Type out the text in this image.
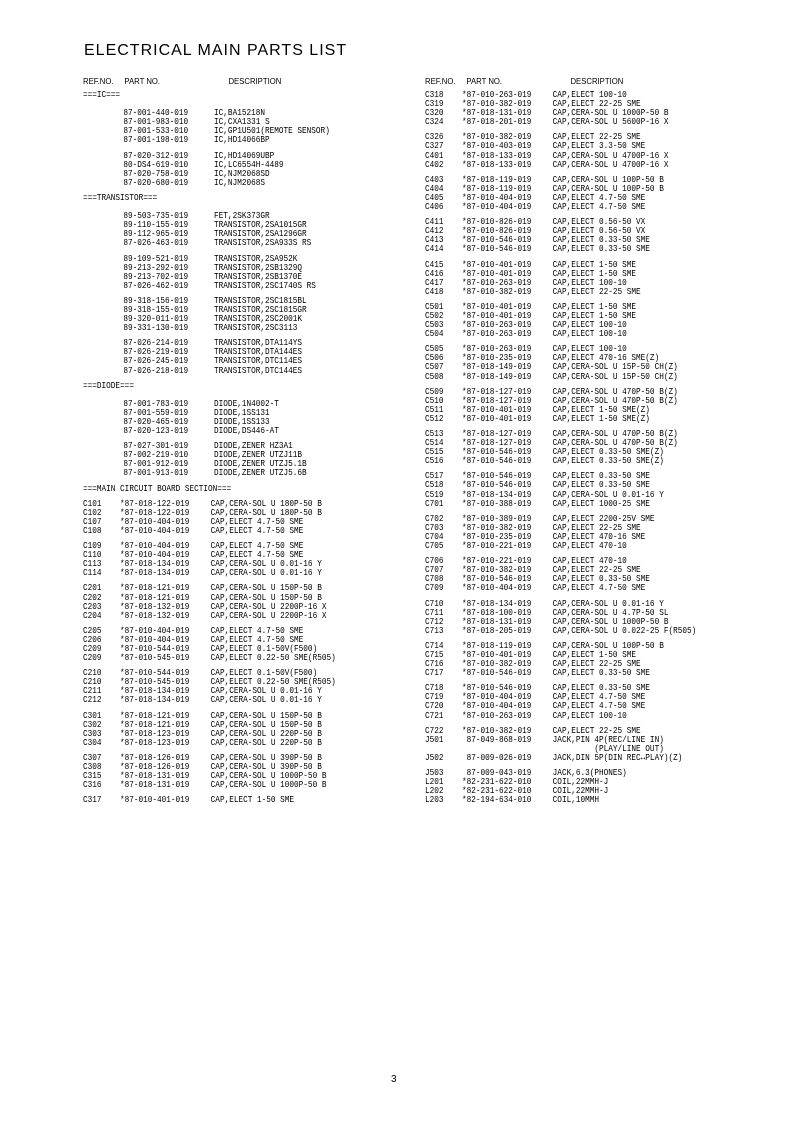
ELECTRICAL MAIN PARTS LIST
REF.NO.	PART NO.	DESCRIPTION
===IC===
87-001-440-019	IC,BA15218N
87-001-983-010	IC,CXA1331 S
87-001-533-010	IC,GP1U501(REMOTE SENSOR)
87-001-198-019	IC,HD14066BP
87-020-312-019	IC,HD14069UBP
80-DS4-619-010	IC,LC6554H-4489
87-020-758-019	IC,NJM2068SD
87-020-680-019	IC,NJM2068S
===TRANSISTOR===
89-503-735-019	FET,2SK373GR
89-110-155-019	TRANSISTOR,2SA1015GR
89-112-965-019	TRANSISTOR,2SA1296GR
87-026-463-019	TRANSISTOR,2SA933S RS
89-109-521-019	TRANSISTOR,2SA952K
89-213-292-019	TRANSISTOR,2SB1329Q
89-213-702-019	TRANSISTOR,2SB1370E
87-026-462-019	TRANSISTOR,2SC1740S RS
89-318-156-019	TRANSISTOR,2SC1815BL
89-318-155-019	TRANSISTOR,2SC1815GR
89-320-011-019	TRANSISTOR,2SC2001K
89-331-130-019	TRANSISTOR,2SC3113
87-026-214-019	TRANSISTOR,DTA114YS
87-026-219-019	TRANSISTOR,DTA144ES
87-026-245-019	TRANSISTOR,DTC114ES
87-026-218-019	TRANSISTOR,DTC144ES
===DIODE===
87-001-783-019	DIODE,1N4002-T
87-001-559-019	DIODE,1SS131
87-020-465-019	DIODE,1SS133
87-020-123-019	DIODE,DS446-AT
87-027-301-019	DIODE,ZENER HZ3A1
87-002-219-010	DIODE,ZENER UTZJ11B
87-001-912-019	DIODE,ZENER UTZJ5.1B
87-001-913-019	DIODE,ZENER UTZJ5.6B
===MAIN CIRCUIT BOARD SECTION===
C101	*87-018-122-019	CAP,CERA-SOL U 180P-50 B
C102	*87-018-122-019	CAP,CERA-SOL U 180P-50 B
C107	*87-010-404-019	CAP,ELECT 4.7-50 SME
C108	*87-010-404-019	CAP,ELECT 4.7-50 SME
C109	*87-010-404-019	CAP,ELECT 4.7-50 SME
C110	*87-010-404-019	CAP,ELECT 4.7-50 SME
C113	*87-018-134-019	CAP,CERA-SOL U 0.01-16 Y
C114	*87-018-134-019	CAP,CERA-SOL U 0.01-16 Y
C201	*87-018-121-019	CAP,CERA-SOL U 150P-50 B
C202	*87-018-121-019	CAP,CERA-SOL U 150P-50 B
C203	*87-018-132-019	CAP,CERA-SOL U 2200P-16 X
C204	*87-018-132-019	CAP,CERA-SOL U 2200P-16 X
C205	*87-010-404-019	CAP,ELECT 4.7-50 SME
C206	*87-010-404-019	CAP,ELECT 4.7-50 SME
C209	*87-010-544-019	CAP,ELECT 0.1-50V(F500)
C209	*87-010-545-019	CAP,ELECT 0.22-50 SME(R505)
C210	*87-010-544-019	CAP,ELECT 0.1-50V(F500)
C210	*87-010-545-019	CAP,ELECT 0.22-50 SME(R505)
C211	*87-018-134-019	CAP,CERA-SOL U 0.01-16 Y
C212	*87-018-134-019	CAP,CERA-SOL U 0.01-16 Y
C301	*87-018-121-019	CAP,CERA-SOL U 150P-50 B
C302	*87-018-121-019	CAP,CERA-SOL U 150P-50 B
C303	*87-018-123-019	CAP,CERA-SOL U 220P-50 B
C304	*87-018-123-019	CAP,CERA-SOL U 220P-50 B
C307	*87-018-126-019	CAP,CERA-SOL U 390P-50 B
C308	*87-018-126-019	CAP,CERA-SOL U 390P-50 B
C315	*87-018-131-019	CAP,CERA-SOL U 1000P-50 B
C316	*87-018-131-019	CAP,CERA-SOL U 1000P-50 B
C317	*87-010-401-019	CAP,ELECT 1-50 SME
REF.NO.	PART NO.	DESCRIPTION
C318	*87-010-263-019	CAP,ELECT 100-10
C319	*87-010-382-019	CAP,ELECT 22-25 SME
C320	*87-018-131-019	CAP,CERA-SOL U 1000P-50 B
C324	*87-018-201-019	CAP,CERA-SOL U 5600P-16 X
C326	*87-010-382-019	CAP,ELECT 22-25 SME
C327	*87-010-403-019	CAP,ELECT 3.3-50 SME
C401	*87-018-133-019	CAP,CERA-SOL U 4700P-16 X
C402	*87-018-133-019	CAP,CERA-SOL U 4700P-16 X
C403	*87-018-119-019	CAP,CERA-SOL U 100P-50 B
C404	*87-018-119-019	CAP,CERA-SOL U 100P-50 B
C405	*87-010-404-019	CAP,ELECT 4.7-50 SME
C406	*87-010-404-019	CAP,ELECT 4.7-50 SME
C411	*87-010-826-019	CAP,ELECT 0.56-50 VX
C412	*87-010-826-019	CAP,ELECT 0.56-50 VX
C413	*87-010-546-019	CAP,ELECT 0.33-50 SME
C414	*87-010-546-019	CAP,ELECT 0.33-50 SME
C415	*87-010-401-019	CAP,ELECT 1-50 SME
C416	*87-010-401-019	CAP,ELECT 1-50 SME
C417	*87-010-263-019	CAP,ELECT 100-10
C418	*87-010-382-019	CAP,ELECT 22-25 SME
C501	*87-010-401-019	CAP,ELECT 1-50 SME
C502	*87-010-401-019	CAP,ELECT 1-50 SME
C503	*87-010-263-019	CAP,ELECT 100-10
C504	*87-010-263-019	CAP,ELECT 100-10
C505	*87-010-263-019	CAP,ELECT 100-10
C506	*87-010-235-019	CAP,ELECT 470-16 SME(Z)
C507	*87-018-149-019	CAP,CERA-SOL U 15P-50 CH(Z)
C508	*87-018-149-019	CAP,CERA-SOL U 15P-50 CH(Z)
C509	*87-018-127-019	CAP,CERA-SOL U 470P-50 B(Z)
C510	*87-018-127-019	CAP,CERA-SOL U 470P-50 B(Z)
C511	*87-010-401-019	CAP,ELECT 1-50 SME(Z)
C512	*87-010-401-019	CAP,ELECT 1-50 SME(Z)
C513	*87-018-127-019	CAP,CERA-SOL U 470P-50 B(Z)
C514	*87-018-127-019	CAP,CERA-SOL U 470P-50 B(Z)
C515	*87-010-546-019	CAP,ELECT 0.33-50 SME(Z)
C516	*87-010-546-019	CAP,ELECT 0.33-50 SME(Z)
C517	*87-010-546-019	CAP,ELECT 0.33-50 SME
C518	*87-010-546-019	CAP,ELECT 0.33-50 SME
C519	*87-018-134-019	CAP,CERA-SOL U 0.01-16 Y
C701	*87-010-388-019	CAP,ELECT 1000-25 SME
C702	*87-010-389-019	CAP,ELECT 2200-25V SME
C703	*87-010-382-019	CAP,ELECT 22-25 SME
C704	*87-010-235-019	CAP,ELECT 470-16 SME
C705	*87-010-221-019	CAP,ELECT 470-10
C706	*87-010-221-019	CAP,ELECT 470-10
C707	*87-010-382-019	CAP,ELECT 22-25 SME
C708	*87-010-546-019	CAP,ELECT 0.33-50 SME
C709	*87-010-404-019	CAP,ELECT 4.7-50 SME
C710	*87-018-134-019	CAP,CERA-SOL U 0.01-16 Y
C711	*87-018-100-019	CAP,CERA-SOL U 4.7P-50 SL
C712	*87-018-131-019	CAP,CERA-SOL U 1000P-50 B
C713	*87-018-205-019	CAP,CERA-SOL U 0.022-25 F(R505)
C714	*87-018-119-019	CAP,CERA-SOL U 100P-50 B
C715	*87-010-401-019	CAP,ELECT 1-50 SME
C716	*87-010-382-019	CAP,ELECT 22-25 SME
C717	*87-010-546-019	CAP,ELECT 0.33-50 SME
C718	*87-010-546-019	CAP,ELECT 0.33-50 SME
C719	*87-010-404-019	CAP,ELECT 4.7-50 SME
C720	*87-010-404-019	CAP,ELECT 4.7-50 SME
C721	*87-010-263-019	CAP,ELECT 100-10
C722	*87-010-382-019	CAP,ELECT 22-25 SME
J501	87-049-868-019	JACK,PIN 4P(REC/LINE IN)
(PLAY/LINE OUT)
J502	87-009-026-019	JACK,DIN 5P(DIN REC↔PLAY)(Z)
J503	87-009-043-019	JACK,6.3(PHONES)
L201	*82-231-622-010	COIL,22MMH-J
L202	*82-231-622-010	COIL,22MMH-J
L203	*82-194-634-010	COIL,10MMH
3
